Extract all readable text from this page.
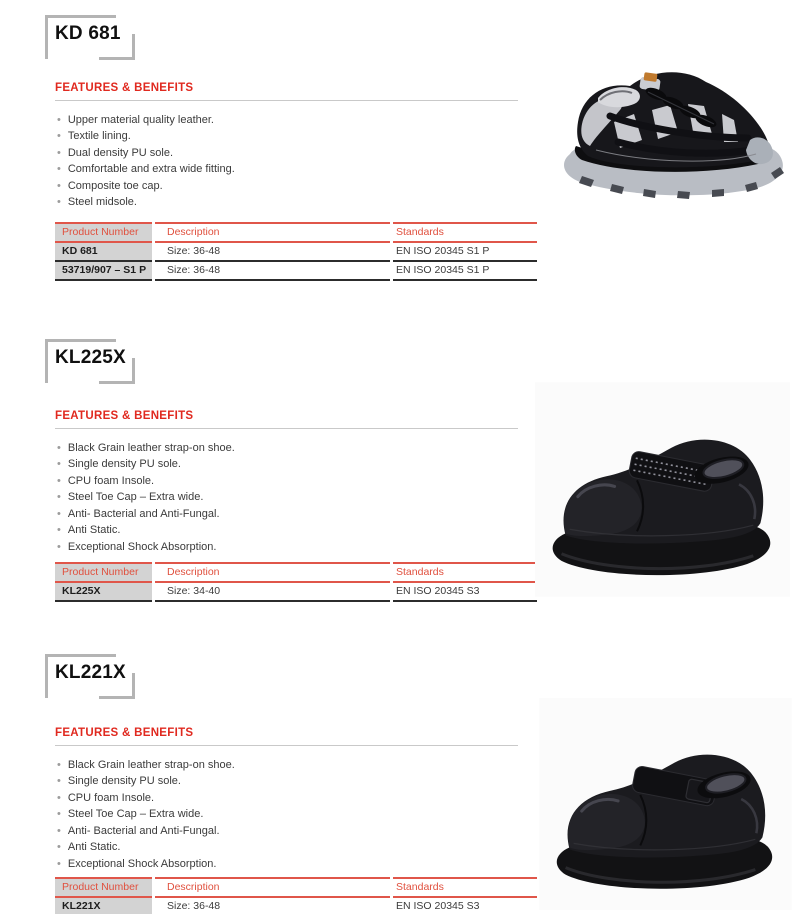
KD 681

FEATURES & BENEFITS

• Upper material quality leather.
• Textile lining.
• Dual density PU sole.
• Comfortable and extra wide fitting.
• Composite toe cap.
• Steel midsole.
Product Number	Description	Standards
KD 681	Size: 36-48	EN ISO 20345 S1 P
53719/907 – S1 P	Size: 36-48	EN ISO 20345 S1 P
KL225X

FEATURES & BENEFITS

• Black Grain leather strap-on shoe.
• Single density PU sole.
• CPU foam Insole.
• Steel Toe Cap – Extra wide.
• Anti- Bacterial and Anti-Fungal.
• Anti Static.
• Exceptional Shock Absorption.
Product Number	Description	Standards
KL225X	Size: 34-40	EN ISO 20345 S3
KL221X

FEATURES & BENEFITS

• Black Grain leather strap-on shoe.
• Single density PU sole.
• CPU foam Insole.
• Steel Toe Cap – Extra wide.
• Anti- Bacterial and Anti-Fungal.
• Anti Static.
• Exceptional Shock Absorption.
Product Number	Description	Standards
KL221X	Size: 36-48	EN ISO 20345 S3
